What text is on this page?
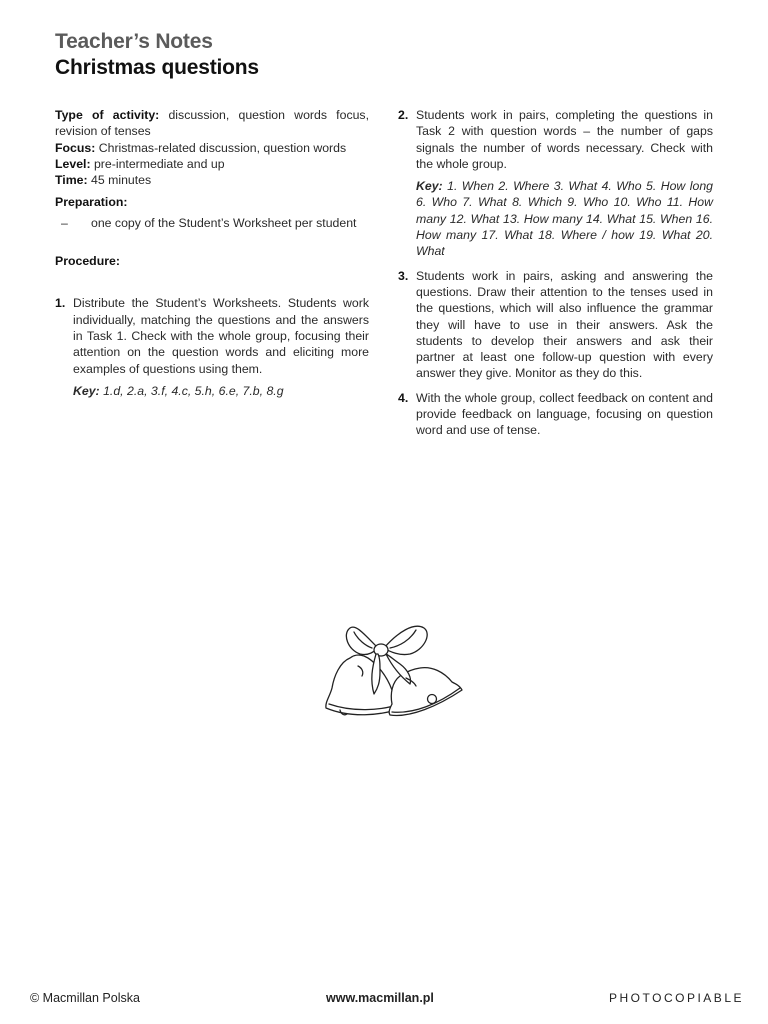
Teacher’s Notes
Christmas questions
Type of activity: discussion, question words focus, revision of tenses
Focus: Christmas-related discussion, question words
Level: pre-intermediate and up
Time: 45 minutes
Preparation:
–	one copy of the Student’s Worksheet per student
Procedure:
1. Distribute the Student’s Worksheets. Students work individually, matching the questions and the answers in Task 1. Check with the whole group, focusing their attention on the question words and eliciting more examples of questions using them.
Key: 1.d, 2.a, 3.f, 4.c, 5.h, 6.e, 7.b, 8.g
2. Students work in pairs, completing the questions in Task 2 with question words – the number of gaps signals the number of words necessary. Check with the whole group.
Key: 1. When 2. Where 3. What 4. Who 5. How long 6. Who 7. What 8. Which 9. Who 10. Who 11. How many 12. What 13. How many 14. What 15. When 16. How many 17. What 18. Where / how 19. What 20. What
3. Students work in pairs, asking and answering the questions. Draw their attention to the tenses used in the questions, which will also influence the grammar they will have to use in their answers. Ask the students to develop their answers and ask their partner at least one follow-up question with every answer they give. Monitor as they do this.
4. With the whole group, collect feedback on content and provide feedback on language, focusing on question word and use of tense.
© Macmillan Polska	www.macmillan.pl	PHOTOCOPIABLE
